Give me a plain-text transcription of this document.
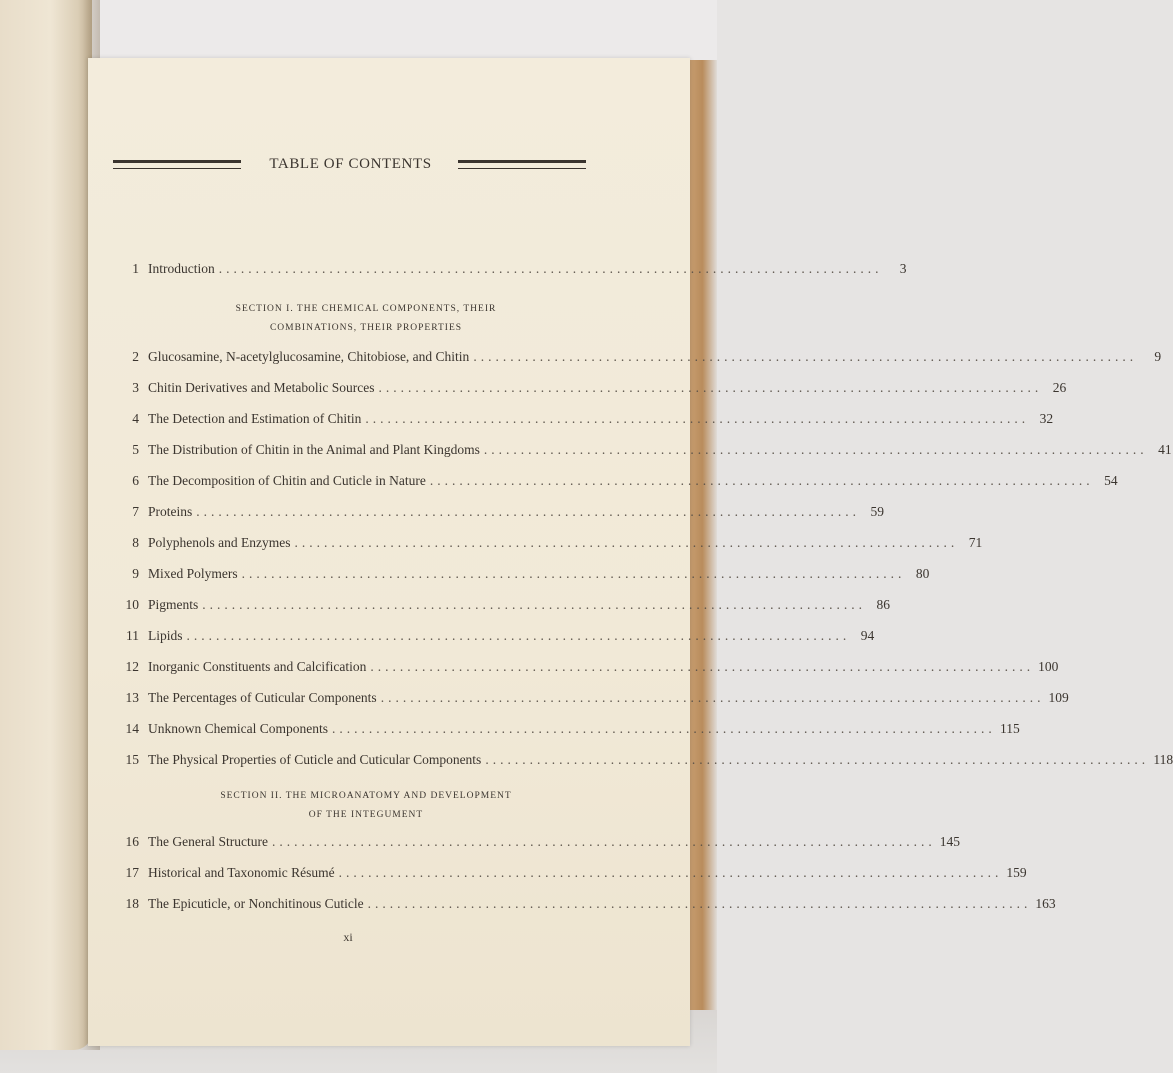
TABLE OF CONTENTS
1 Introduction ..........................................................................................	3
SECTION I. THE CHEMICAL COMPONENTS, THEIR
COMBINATIONS, THEIR PROPERTIES
2 Glucosamine, N-acetylglucosamine, Chitobiose, and Chitin ..........................................................................................	9
3 Chitin Derivatives and Metabolic Sources .......................................................................................... 26
4 The Detection and Estimation of Chitin .......................................................................................... 32
5 The Distribution of Chitin in the Animal and Plant Kingdoms .......................................................................................... 41
6 The Decomposition of Chitin and Cuticle in Nature .......................................................................................... 54
7 Proteins .......................................................................................... 59
8 Polyphenols and Enzymes .......................................................................................... 71
9 Mixed Polymers .......................................................................................... 80
10 Pigments .......................................................................................... 86
11 Lipids .......................................................................................... 94
12 Inorganic Constituents and Calcification .......................................................................................... 100
13 The Percentages of Cuticular Components .......................................................................................... 109
14 Unknown Chemical Components .......................................................................................... 115
15 The Physical Properties of Cuticle and Cuticular Components .......................................................................................... 118
SECTION II. THE MICROANATOMY AND DEVELOPMENT
OF THE INTEGUMENT
16 The General Structure .......................................................................................... 145
17 Historical and Taxonomic Résumé .......................................................................................... 159
18 The Epicuticle, or Nonchitinous Cuticle .......................................................................................... 163
xi
